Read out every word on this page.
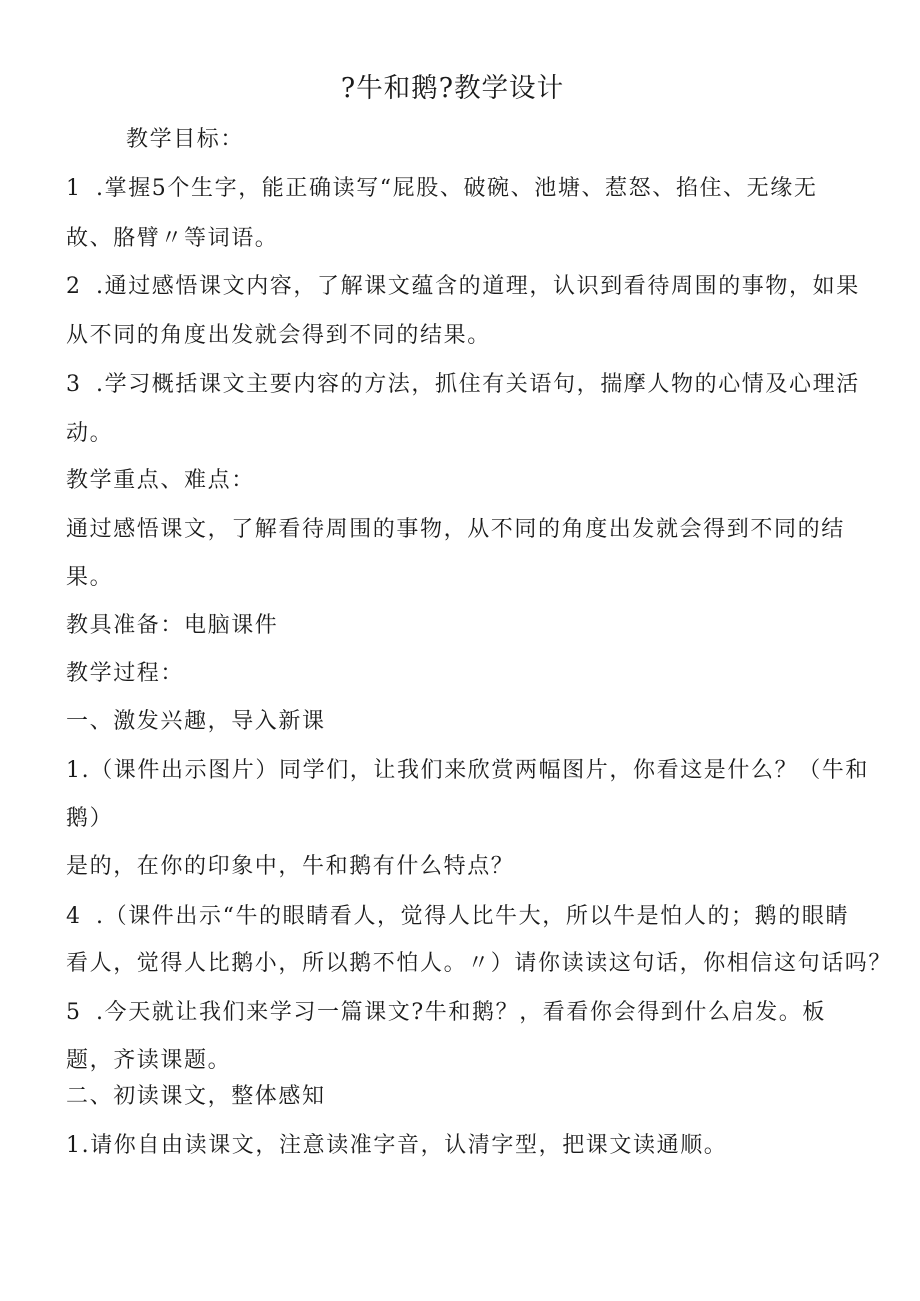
?牛和鹅?教学设计
教学目标：
1 .掌握5个生字，能正确读写“屁股、破碗、池塘、惹怒、掐住、无缘无
故、胳臂〃等词语。
2 .通过感悟课文内容，了解课文蕴含的道理，认识到看待周围的事物，如果
从不同的角度出发就会得到不同的结果。
3 .学习概括课文主要内容的方法，抓住有关语句，揣摩人物的心情及心理活
动。
教学重点、难点：
通过感悟课文，了解看待周围的事物，从不同的角度出发就会得到不同的结
果。
教具准备：电脑课件
教学过程：
一、激发兴趣，导入新课
1.（课件出示图片）同学们，让我们来欣赏两幅图片，你看这是什么？（牛和
鹅）
是的，在你的印象中，牛和鹅有什么特点？
4 .（课件出示“牛的眼睛看人，觉得人比牛大，所以牛是怕人的；鹅的眼睛
看人，觉得人比鹅小，所以鹅不怕人。〃）请你读读这句话，你相信这句话吗？
5 .今天就让我们来学习一篇课文?牛和鹅？，看看你会得到什么启发。板
题，齐读课题。
二、初读课文，整体感知
1.请你自由读课文，注意读准字音，认清字型，把课文读通顺。
